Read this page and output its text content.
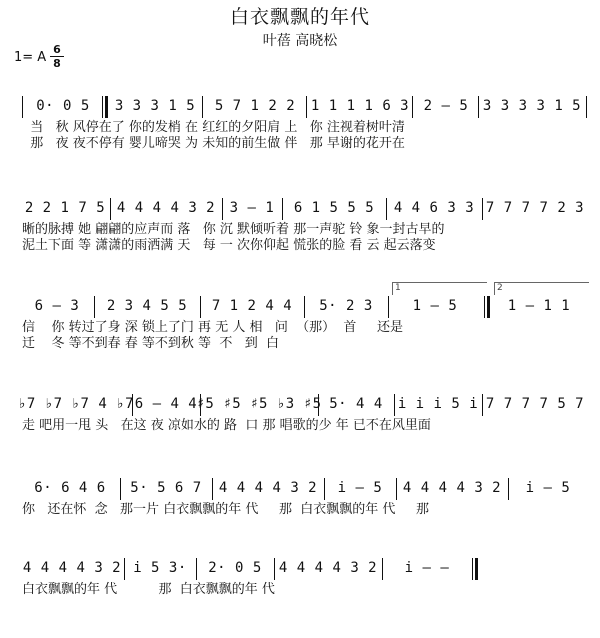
白衣飘飘的年代
叶蓓 高晓松
1= A
6
8
0· 0 5	3 3 3 1 5	5 7 1 2 2	1 1 1 1 6 3	2 – 5	3 3 3 3 1 5
当   秋 风停在了 你的发梢 在 红红的夕阳肩 上   你 注视着树叶清
那   夜 夜不停有 婴儿啼哭 为 未知的前生做 伴   那 早谢的花开在
2 2 1 7 5 4 4 4 4 3 2	3 – 1	6 1 5 5 5	4 4 6 3 3 7 7 7 7 2 3
晰的脉搏 她 翩翩的应声而 落   你 沉 默倾听着 那一声驼 铃 象一封古早的
泥土下面 等 潇潇的雨洒满 天   每 一 次你仰起 慌张的脸 看 云 起云落变
6 – 3	2 3 4 5 5	7 1 2 4 4	5· 2 3
1
1 – 5
2
1 – 1 1
信    你 转过了身 深 锁上了门 再 无 人 相   问  （那）  首     还是
迁    冬 等不到春 春 等不到秋 等  不   到  白
♭7 ♭7 ♭7 4 ♭7 6 – 4 4 ♯5 ♯5 ♯5 ♭3 ♯5 5· 4 4	i i i 5 i 7 7 7 7 5 7
走 吧用一甩 头   在这 夜 凉如水的 路  口 那 唱歌的少 年 已不在风里面
6· 6 4 6	5· 5 6 7	4 4 4 4 3 2	i – 5	4 4 4 4 3 2	i – 5
你   还在怀  念   那一片 白衣飘飘的年 代     那  白衣飘飘的年 代     那
4 4 4 4 3 2 i 5 3·	2· 0 5	4 4 4 4 3 2	i – –
白衣飘飘的年 代          那  白衣飘飘的年 代
